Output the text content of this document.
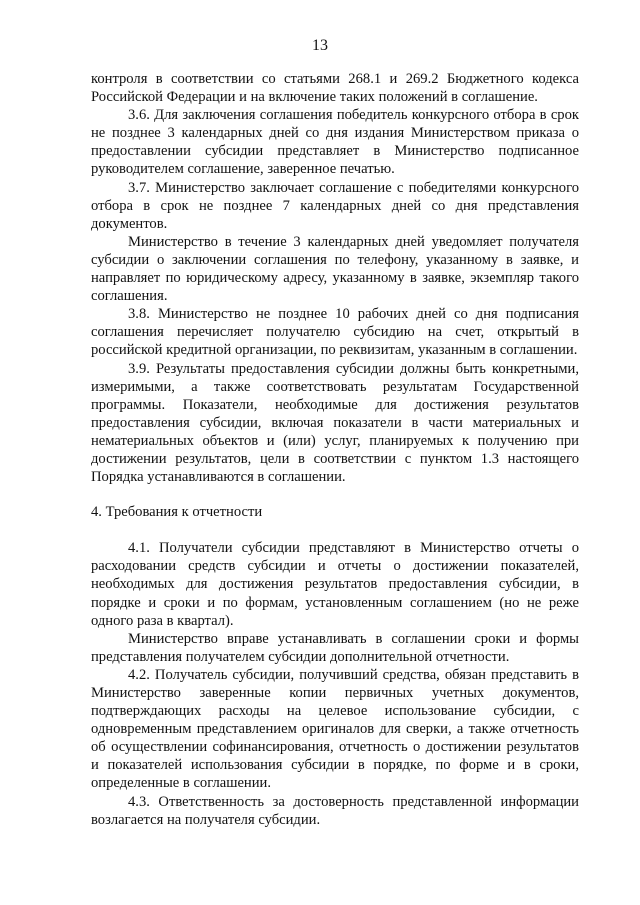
13

контроля в соответствии со статьями 268.1 и 269.2 Бюджетного кодекса Российской Федерации и на включение таких положений в соглашение.

3.6. Для заключения соглашения победитель конкурсного отбора в срок не позднее 3 календарных дней со дня издания Министерством приказа о предоставлении субсидии представляет в Министерство подписанное руководителем соглашение, заверенное печатью.

3.7. Министерство заключает соглашение с победителями конкурсного отбора в срок не позднее 7 календарных дней со дня представления документов.

Министерство в течение 3 календарных дней уведомляет получателя субсидии о заключении соглашения по телефону, указанному в заявке, и направляет по юридическому адресу, указанному в заявке, экземпляр такого соглашения.

3.8. Министерство не позднее 10 рабочих дней со дня подписания соглашения перечисляет получателю субсидию на счет, открытый в российской кредитной организации, по реквизитам, указанным в соглашении.

3.9. Результаты предоставления субсидии должны быть конкретными, измеримыми, а также соответствовать результатам Государственной программы. Показатели, необходимые для достижения результатов предоставления субсидии, включая показатели в части материальных и нематериальных объектов и (или) услуг, планируемых к получению при достижении результатов, цели в соответствии с пунктом 1.3 настоящего Порядка устанавливаются в соглашении.

4. Требования к отчетности

4.1. Получатели субсидии представляют в Министерство отчеты о расходовании средств субсидии и отчеты о достижении показателей, необходимых для достижения результатов предоставления субсидии, в порядке и сроки и по формам, установленным соглашением (но не реже одного раза в квартал).

Министерство вправе устанавливать в соглашении сроки и формы представления получателем субсидии дополнительной отчетности.

4.2. Получатель субсидии, получивший средства, обязан представить в Министерство заверенные копии первичных учетных документов, подтверждающих расходы на целевое использование субсидии, с одновременным представлением оригиналов для сверки, а также отчетность об осуществлении софинансирования, отчетность о достижении результатов и показателей использования субсидии в порядке, по форме и в сроки, определенные в соглашении.

4.3. Ответственность за достоверность представленной информации возлагается на получателя субсидии.
